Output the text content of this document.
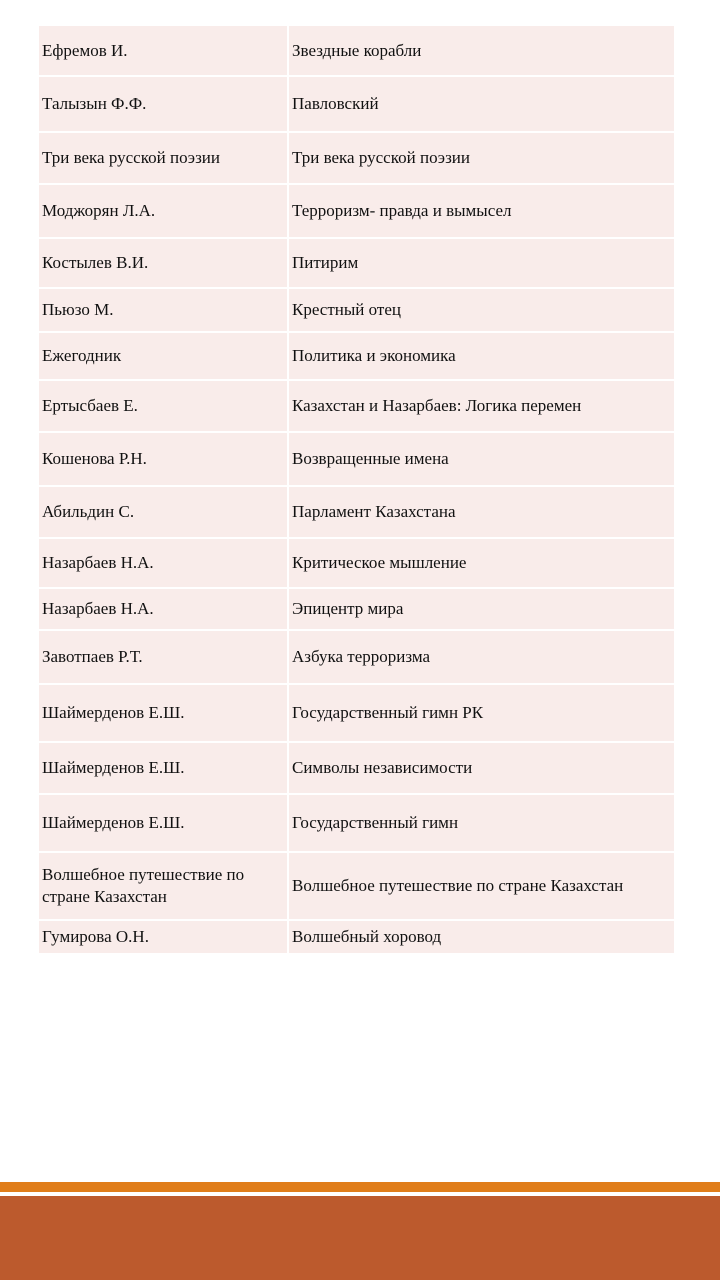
Ефремов И.	Звездные корабли
Талызын Ф.Ф.	Павловский
Три века русской поэзии	Три века русской поэзии
Моджорян Л.А.	Терроризм- правда и вымысел
Костылев В.И.	Питирим
Пьюзо М.	Крестный отец
Ежегодник	Политика и экономика
Ертысбаев Е.	Казахстан и Назарбаев: Логика перемен
Кошенова Р.Н.	Возвращенные имена
Абильдин С.	Парламент Казахстана
Назарбаев Н.А.	Критическое мышление
Назарбаев Н.А.	Эпицентр мира
Завотпаев Р.Т.	Азбука терроризма
Шаймерденов Е.Ш.	Государственный гимн РК
Шаймерденов Е.Ш.	Символы независимости
Шаймерденов Е.Ш.	Государственный гимн
Волшебное путешествие по стране Казахстан	Волшебное путешествие по стране Казахстан
Гумирова О.Н.	Волшебный хоровод
